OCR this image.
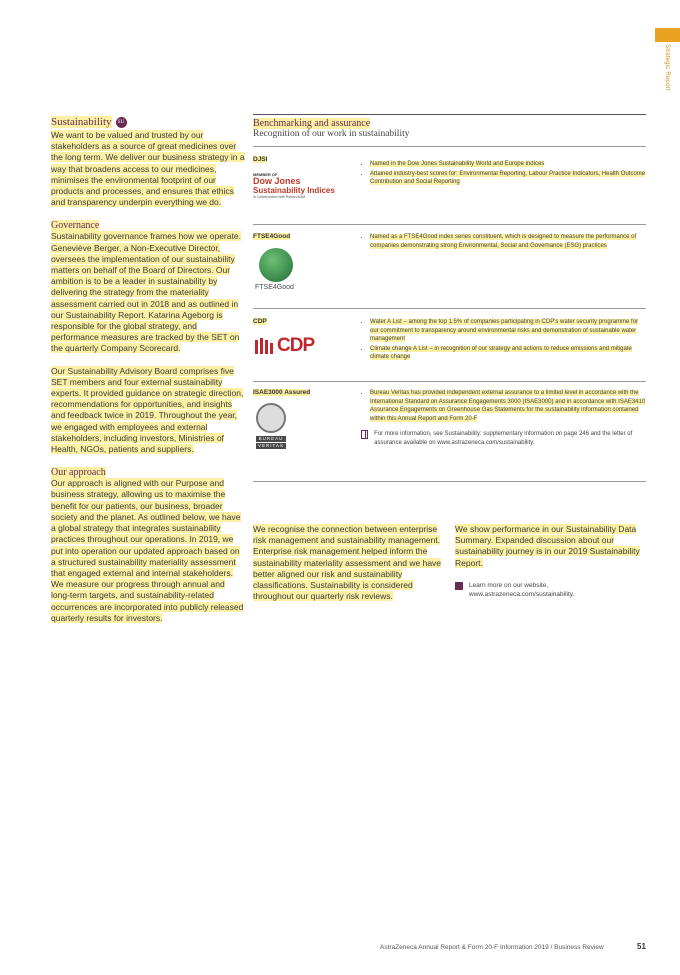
Strategic Report
Sustainability SU

We want to be valued and trusted by our stakeholders as a source of great medicines over the long term. We deliver our business strategy in a way that broadens access to our medicines, minimises the environmental footprint of our products and processes, and ensures that ethics and transparency underpin everything we do.

Governance

Sustainability governance frames how we operate. Geneviève Berger, a Non-Executive Director, oversees the implementation of our sustainability matters on behalf of the Board of Directors. Our ambition is to be a leader in sustainability by delivering the strategy from the materiality assessment carried out in 2018 and as outlined in our Sustainability Report. Katarina Ageborg is responsible for the global strategy, and performance measures are tracked by the SET on the quarterly Company Scorecard.

Our Sustainability Advisory Board comprises five SET members and four external sustainability experts. It provided guidance on strategic direction, recommendations for opportunities, and insights and feedback twice in 2019. Throughout the year, we engaged with employees and external stakeholders, including investors, Ministries of Health, NGOs, patients and suppliers.

Our approach

Our approach is aligned with our Purpose and business strategy, allowing us to maximise the benefit for our patients, our business, broader society and the planet. As outlined below, we have a global strategy that integrates sustainability practices throughout our operations. In 2019, we put into operation our updated approach based on a structured sustainability materiality assessment that engaged external and internal stakeholders. We measure our progress through annual and long-term targets, and sustainability-related occurrences are incorporated into publicly released quarterly results for investors.

Benchmarking and assurance
Recognition of our work in sustainability
DJSI
MEMBER OF
Dow Jones
Sustainability Indices
In Collaboration with RobecoSAM
• Named in the Dow Jones Sustainability World and Europe indices
• Attained industry-best scores for: Environmental Reporting, Labour Practice Indicators, Health Outcome Contribution and Social Reporting
FTSE4Good
FTSE4Good
• Named as a FTSE4Good index series constituent, which is designed to measure the performance of companies demonstrating strong Environmental, Social and Governance (ESG) practices
CDP
CDP
• Water A List – among the top 1.5% of companies participating in CDP's water security programme for our commitment to transparency around environmental risks and demonstration of sustainable water management
• Climate change A List – in recognition of our strategy and actions to reduce emissions and mitigate climate change
ISAE3000 Assured
BUREAU
VERITAS
• Bureau Veritas has provided independent external assurance to a limited level in accordance with the International Standard on Assurance Engagements 3000 (ISAE3000) and in accordance with ISAE3410 Assurance Engagements on Greenhouse Gas Statements for the sustainability information contained within this Annual Report and Form 20-F
For more information, see Sustainability: supplementary information on page 246 and the letter of assurance available on www.astrazeneca.com/sustainability.

We recognise the connection between enterprise risk management and sustainability management. Enterprise risk management helped inform the sustainability materiality assessment and we have better aligned our risk and sustainability classifications. Sustainability is considered throughout our quarterly risk reviews.

We show performance in our Sustainability Data Summary. Expanded discussion about our sustainability journey is in our 2019 Sustainability Report.

Learn more on our website,
www.astrazeneca.com/sustainability.
AstraZeneca Annual Report & Form 20-F Information 2019 / Business Review	51
